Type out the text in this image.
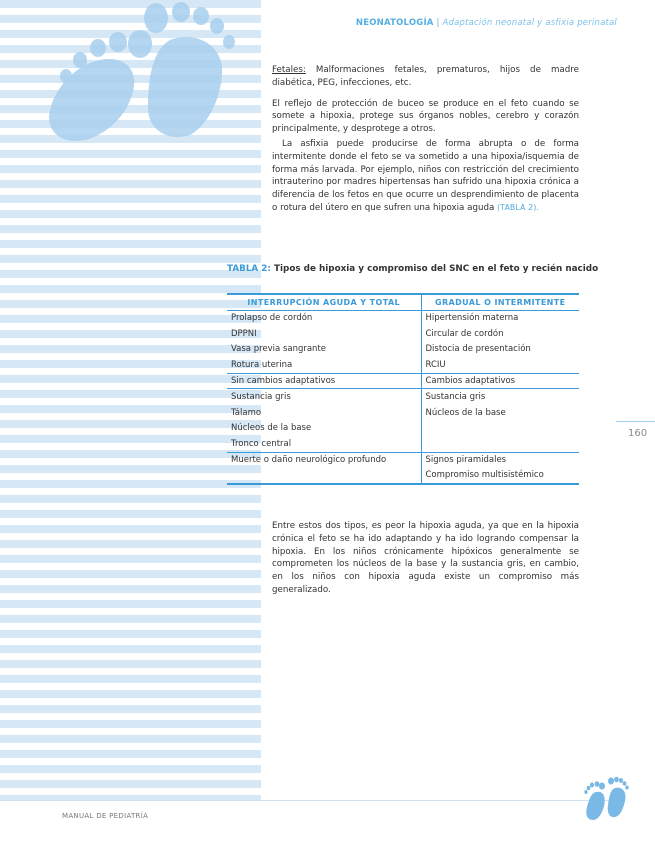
NEONATOLOGÍA | Adaptación neonatal y asfixia perinatal

Fetales: Malformaciones fetales, prematuros, hijos de madre diabética, PEG, infecciones, etc.

El reflejo de protección de buceo se produce en el feto cuando se somete a hipoxia, protege sus órganos nobles, cerebro y corazón principalmente, y desprotege a otros.

La asfixia puede producirse de forma abrupta o de forma intermitente donde el feto se va sometido a una hipoxia/isquemia de forma más larvada. Por ejemplo, niños con restricción del crecimiento intrauterino por madres hipertensas han sufrido una hipoxia crónica a diferencia de los fetos en que ocurre un desprendimiento de placenta o rotura del útero en que sufren una hipoxia aguda (TABLA 2).

TABLA 2: Tipos de hipoxia y compromiso del SNC en el feto y recién nacido
INTERRUPCIÓN AGUDA Y TOTAL	GRADUAL O INTERMITENTE
Prolapso de cordón	Hipertensión materna
DPPNI	Circular de cordón
Vasa previa sangrante	Distocia de presentación
Rotura uterina	RCIU
Sin cambios adaptativos	Cambios adaptativos
Sustancia gris	Sustancia gris
Tálamo	Núcleos de la base
Núcleos de la base	
Tronco central	
Muerte o daño neurológico profundo	Signos piramidales
	Compromiso multisistémico

Entre estos dos tipos, es peor la hipoxia aguda, ya que en la hipoxia crónica el feto se ha ido adaptando y ha ido logrando compensar la hipoxia. En los niños crónicamente hipóxicos generalmente se comprometen los núcleos de la base y la sustancia gris, en cambio, en los niños con hipoxia aguda existe un compromiso más generalizado.

160
MANUAL DE PEDIATRÍA
